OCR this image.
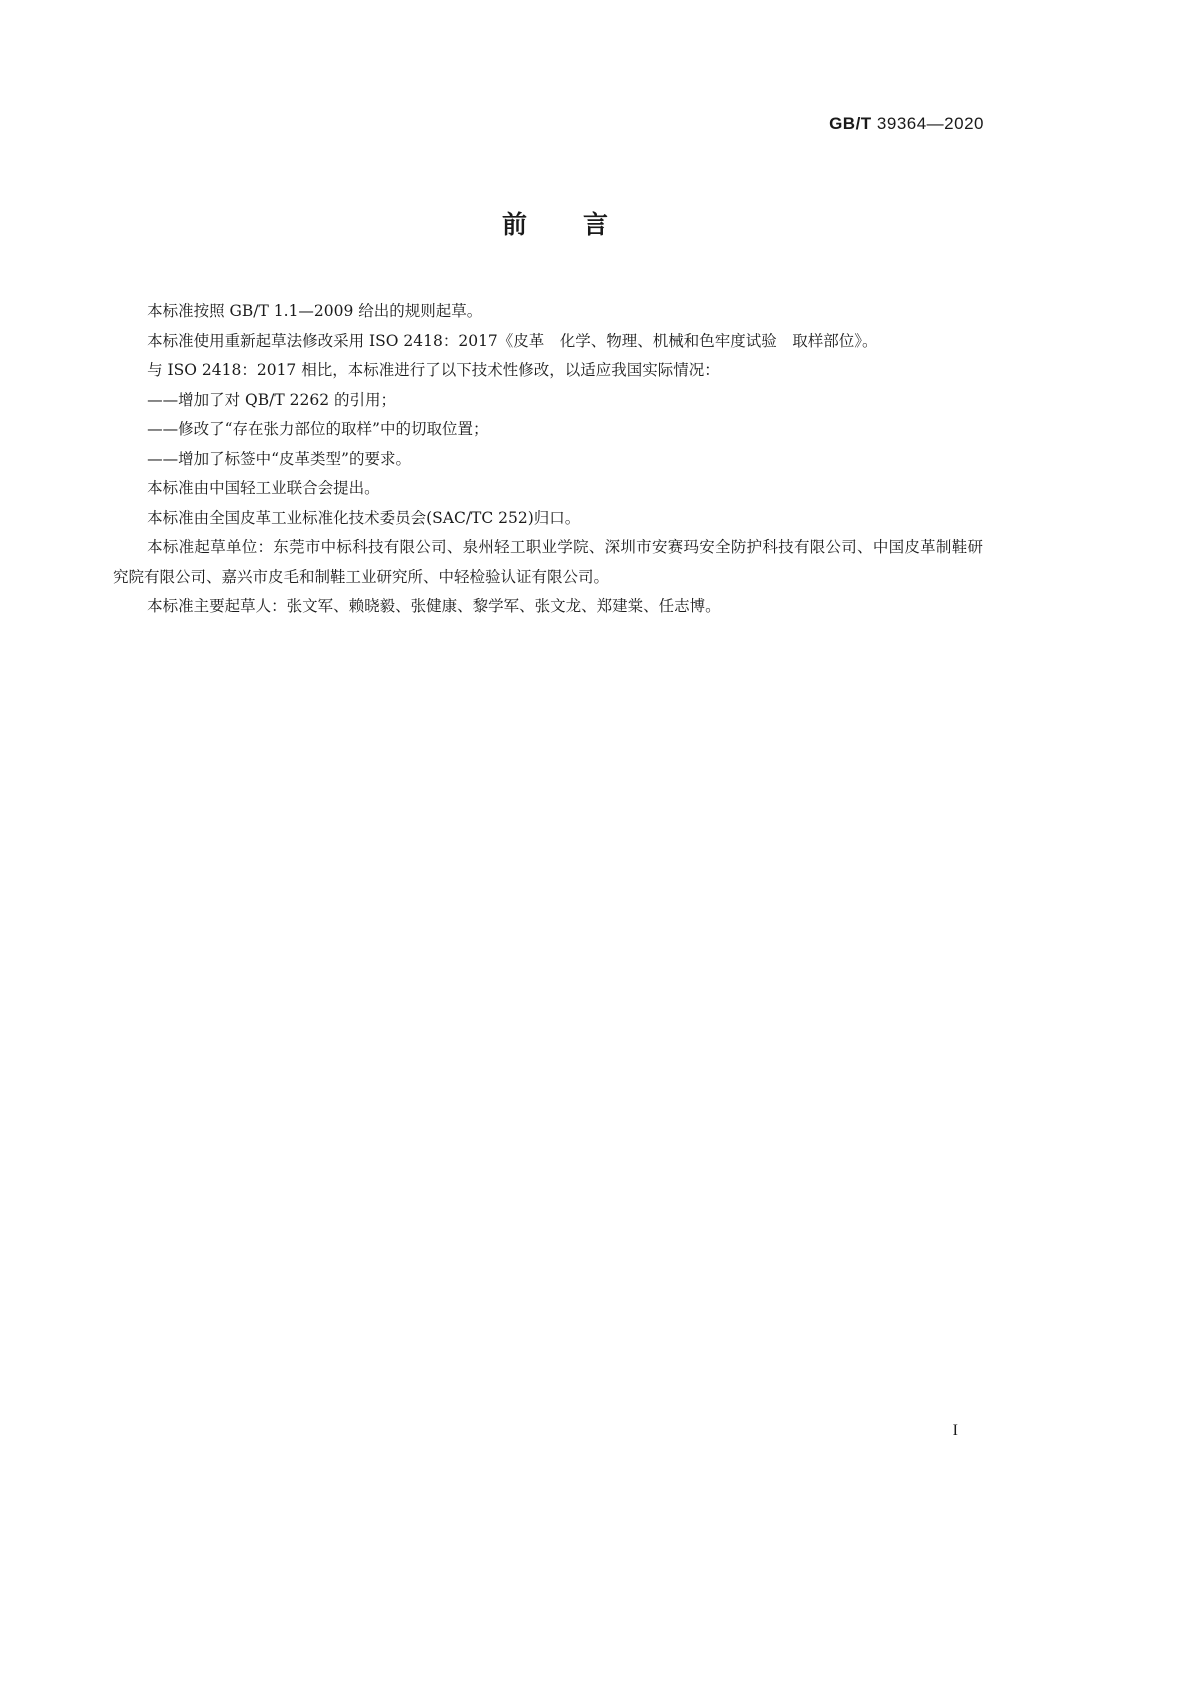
GB/T 39364—2020
前言

本标准按照 GB/T 1.1—2009 给出的规则起草。

本标准使用重新起草法修改采用 ISO 2418：2017《皮革　化学、物理、机械和色牢度试验　取样部位》。

与 ISO 2418：2017 相比，本标准进行了以下技术性修改，以适应我国实际情况：

——增加了对 QB/T 2262 的引用；

——修改了“存在张力部位的取样”中的切取位置；

——增加了标签中“皮革类型”的要求。

本标准由中国轻工业联合会提出。

本标准由全国皮革工业标准化技术委员会(SAC/TC 252)归口。

本标准起草单位：东莞市中标科技有限公司、泉州轻工职业学院、深圳市安赛玛安全防护科技有限公司、中国皮革制鞋研究院有限公司、嘉兴市皮毛和制鞋工业研究所、中轻检验认证有限公司。

本标准主要起草人：张文军、赖晓毅、张健康、黎学军、张文龙、郑建棠、任志博。

I
